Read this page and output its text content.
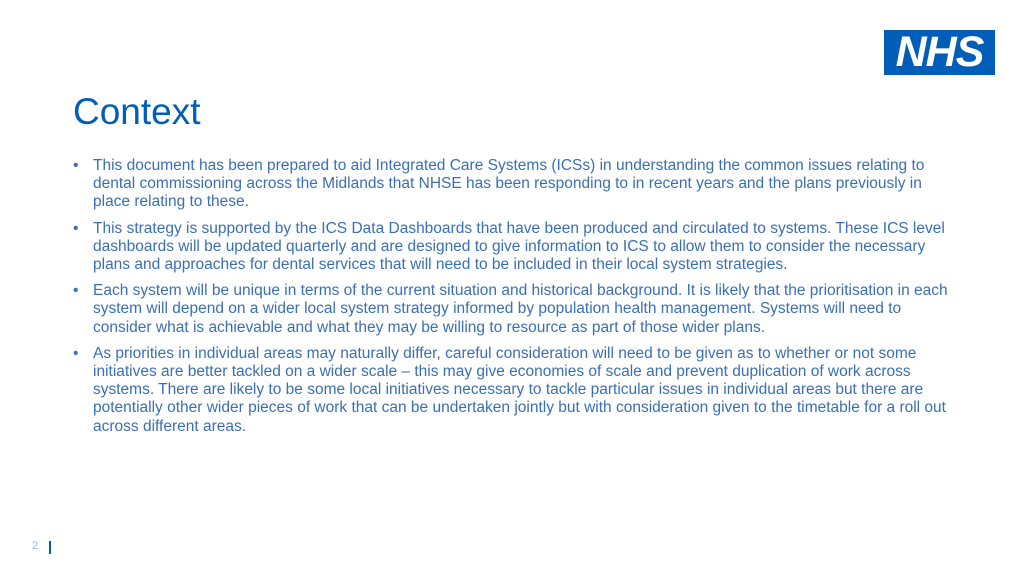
NHS
Context
• This document has been prepared to aid Integrated Care Systems (ICSs) in understanding the common issues relating to dental commissioning across the Midlands that NHSE has been responding to in recent years and the plans previously in place relating to these.
• This strategy is supported by the ICS Data Dashboards that have been produced and circulated to systems. These ICS level dashboards will be updated quarterly and are designed to give information to ICS to allow them to consider the necessary plans and approaches for dental services that will need to be included in their local system strategies.
• Each system will be unique in terms of the current situation and historical background. It is likely that the prioritisation in each system will depend on a wider local system strategy informed by population health management. Systems will need to consider what is achievable and what they may be willing to resource as part of those wider plans.
• As priorities in individual areas may naturally differ, careful consideration will need to be given as to whether or not some initiatives are better tackled on a wider scale – this may give economies of scale and prevent duplication of work across systems. There are likely to be some local initiatives necessary to tackle particular issues in individual areas but there are potentially other wider pieces of work that can be undertaken jointly but with consideration given to the timetable for a roll out across different areas.
2
